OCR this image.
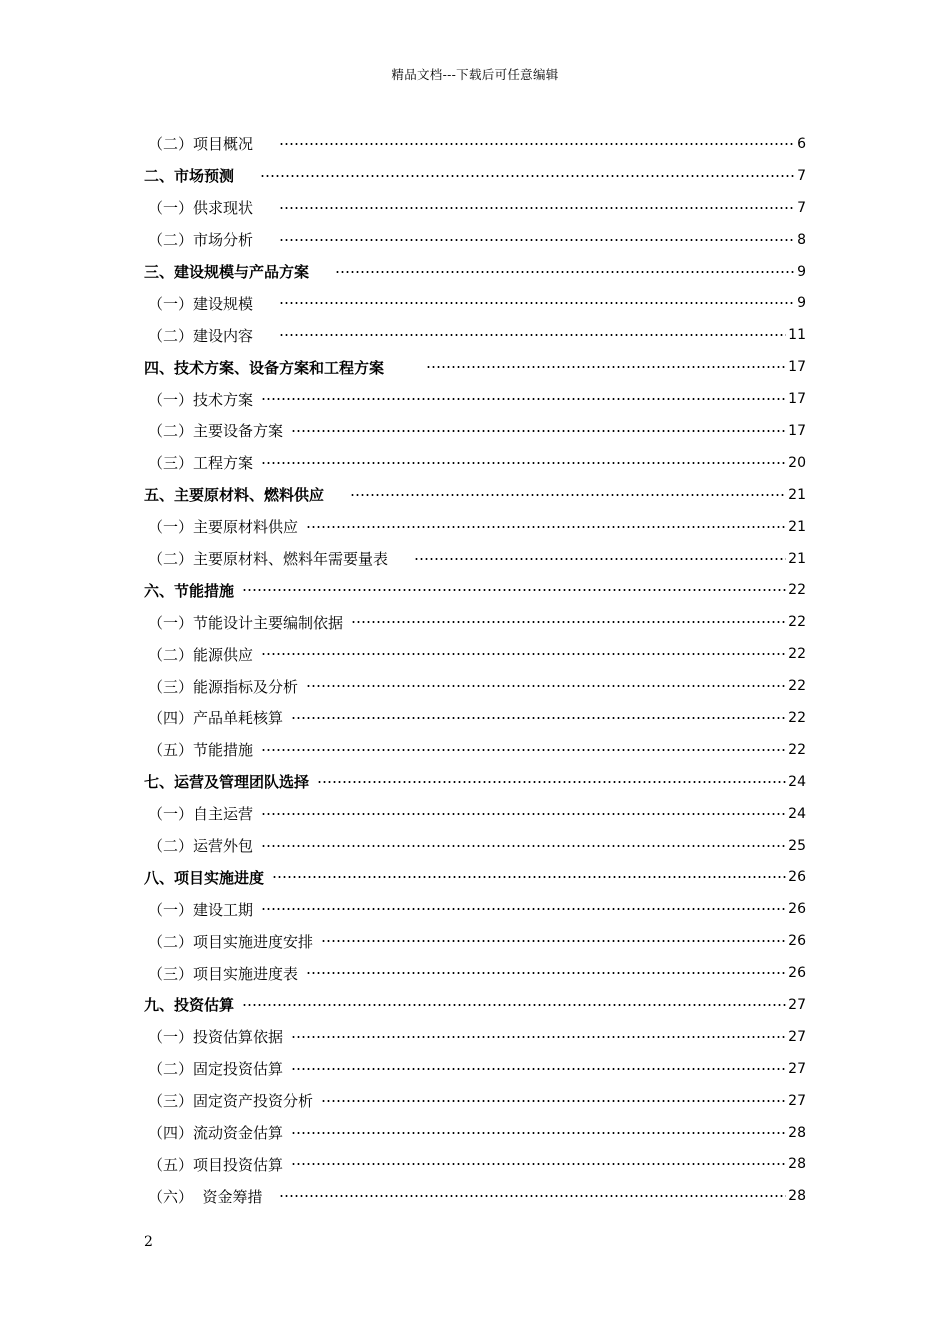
精品文档---下载后可任意编辑
（二）项目概况	6
二、市场预测	7
（一）供求现状	7
（二）市场分析	8
三、建设规模与产品方案	9
（一）建设规模	9
（二）建设内容	11
四、技术方案、设备方案和工程方案	17
（一）技术方案	17
（二）主要设备方案	17
（三）工程方案	20
五、主要原材料、燃料供应	21
（一）主要原材料供应	21
（二）主要原材料、燃料年需要量表	21
六、节能措施	22
（一）节能设计主要编制依据	22
（二）能源供应	22
（三）能源指标及分析	22
（四）产品单耗核算	22
（五）节能措施	22
七、运营及管理团队选择	24
（一）自主运营	24
（二）运营外包	25
八、项目实施进度	26
（一）建设工期	26
（二）项目实施进度安排	26
（三）项目实施进度表	26
九、投资估算	27
（一）投资估算依据	27
（二）固定投资估算	27
（三）固定资产投资分析	27
（四）流动资金估算	28
（五）项目投资估算	28
（六）  资金筹措	28
2
